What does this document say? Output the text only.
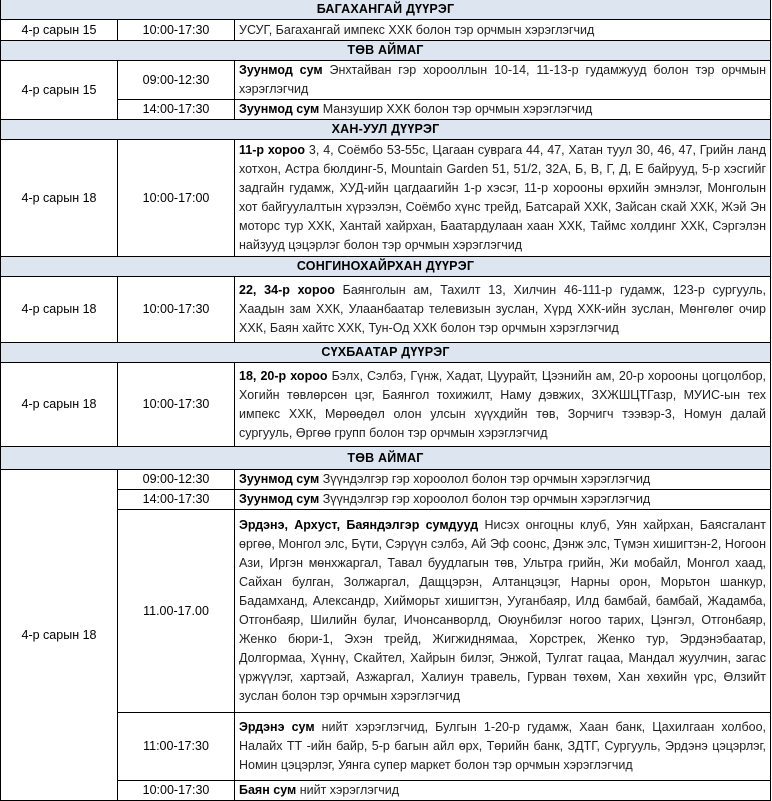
БАГАХАНГАЙ ДҮҮРЭГ		
4-р сарын 15	10:00-17:30	УСУГ, Багахангай импекс ХХК болон тэр орчмын хэрэглэгчид
ТӨВ АЙМАГ		
4-р сарын 15	09:00-12:30	Зуунмод сум Энхтайван гэр хорооллын 10-14, 11-13-р гудамжууд болон тэр орчмын хэрэглэгчид
	14:00-17:30	Зуунмод сум Манзушир ХХК болон тэр орчмын хэрэглэгчид
ХАН-УУЛ ДҮҮРЭГ		
4-р сарын 18	10:00-17:00	11-р хороо 3, 4, Соёмбо 53-55с, Цагаан суврага 44, 47, Хатан туул 30, 46, 47, Грийн ланд хотхон, Астра бюлдинг-5, Mountain Garden 51, 51/2, 32А, Б, В, Г, Д, Е байрууд, 5-р хэсгийг задгайн гудамж, ХУД-ийн цагдаагийн 1-р хэсэг, 11-р хорооны өрхийн эмнэлэг, Монголын хот байгуулалтын хүрээлэн, Соёмбо хүнс трейд, Батсарай ХХК, Зайсан скай ХХК, Жэй Эн моторс тур ХХК, Хантай хайрхан, Баатардулаан хаан ХХК, Таймс холдинг ХХК, Сэргэлэн найзууд цэцэрлэг болон тэр орчмын хэрэглэгчид
СОНГИНОХАЙРХАН ДҮҮРЭГ		
4-р сарын 18	10:00-17:30	22, 34-р хороо Баянголын ам, Тахилт 13, Хилчин 46-111-р гудамж, 123-р сургууль, Хаадын зам ХХК, Улаанбаатар телевизын зуслан, Хүрд ХХК-ийн зуслан, Мөнгөлөг очир ХХК, Баян хайтс ХХК, Тун-Од ХХК болон тэр орчмын хэрэглэгчид
СҮХБААТАР ДҮҮРЭГ		
4-р сарын 18	10:00-17:30	18, 20-р хороо Бэлх, Сэлбэ, Гүнж, Хадат, Цуурайт, Цээнийн ам, 20-р хорооны цогцолбор, Хогийн төвлөрсөн цэг, Баянгол тохижилт, Наму дэвжих, ЗХЖШЦТГазр, МУИС-ын тех импекс ХХК, Мөрөөдөл олон улсын хүүхдийн төв, Зорчигч тээвэр-3, Номун далай сургууль, Өргөө групп болон тэр орчмын хэрэглэгчид
ТӨВ АЙМАГ		
4-р сарын 18	09:00-12:30	Зуунмод сум Зүүндэлгэр гэр хороолол болон тэр орчмын хэрэглэгчид
	14:00-17:30	Зуунмод сум Зүүндэлгэр гэр хороолол болон тэр орчмын хэрэглэгчид
	11.00-17.00	Эрдэнэ, Архуст, Баяндэлгэр сумдууд Нисэх онгоцны клуб, Уян хайрхан, Баясгалант өргөө, Монгол элс, Бүти, Сэрүүн сэлбэ, Ай Эф соонс, Дэнж элс, Түмэн хишигтэн-2, Ногоон Ази, Иргэн мөнхжаргал, Тавал буудлагын төв, Ультра грийн, Жи мобайл, Монгол хаад, Сайхан булган, Золжаргал, Дащцэрэн, Алтанцэцэг, Нарны орон, Морьтон шанкур, Бадамханд, Александр, Хийморьт хишигтэн, Ууганбаяр, Илд бамбай, бамбай, Жадамба, Отгонбаяр, Шилийн булаг, Ичонсанворлд, Оюунбилэг ногоо тарих, Цэнгэл, Отгонбаяр, Женко бюри-1, Эхэн трейд, Жигжиднямаа, Хорстрек, Женко тур, Эрдэнэбаатар, Долгормаа, Хүннү, Скайтел, Хайрын билэг, Энжой, Тулгат гацаа, Мандал жуулчин, загас үржүүлэг, хартэай, Азжаргал, Халиун травель, Гурван төхөм, Хан хөхийн үрс, Өлзийт зуслан болон тэр орчмын хэрэглэгчид
	11:00-17:30	Эрдэнэ сум нийт хэрэглэгчид, Булгын 1-20-р гудамж, Хаан банк, Цахилгаан холбоо, Налайх ТТ -ийн байр, 5-р багын айл өрх, Төрийн банк, ЗДТГ, Сургууль, Эрдэнэ цэцэрлэг, Номин цэцэрлэг, Уянга супер маркет болон тэр орчмын хэрэглэгчид
	10:00-17:30	Баян сум нийт хэрэглэгчид
